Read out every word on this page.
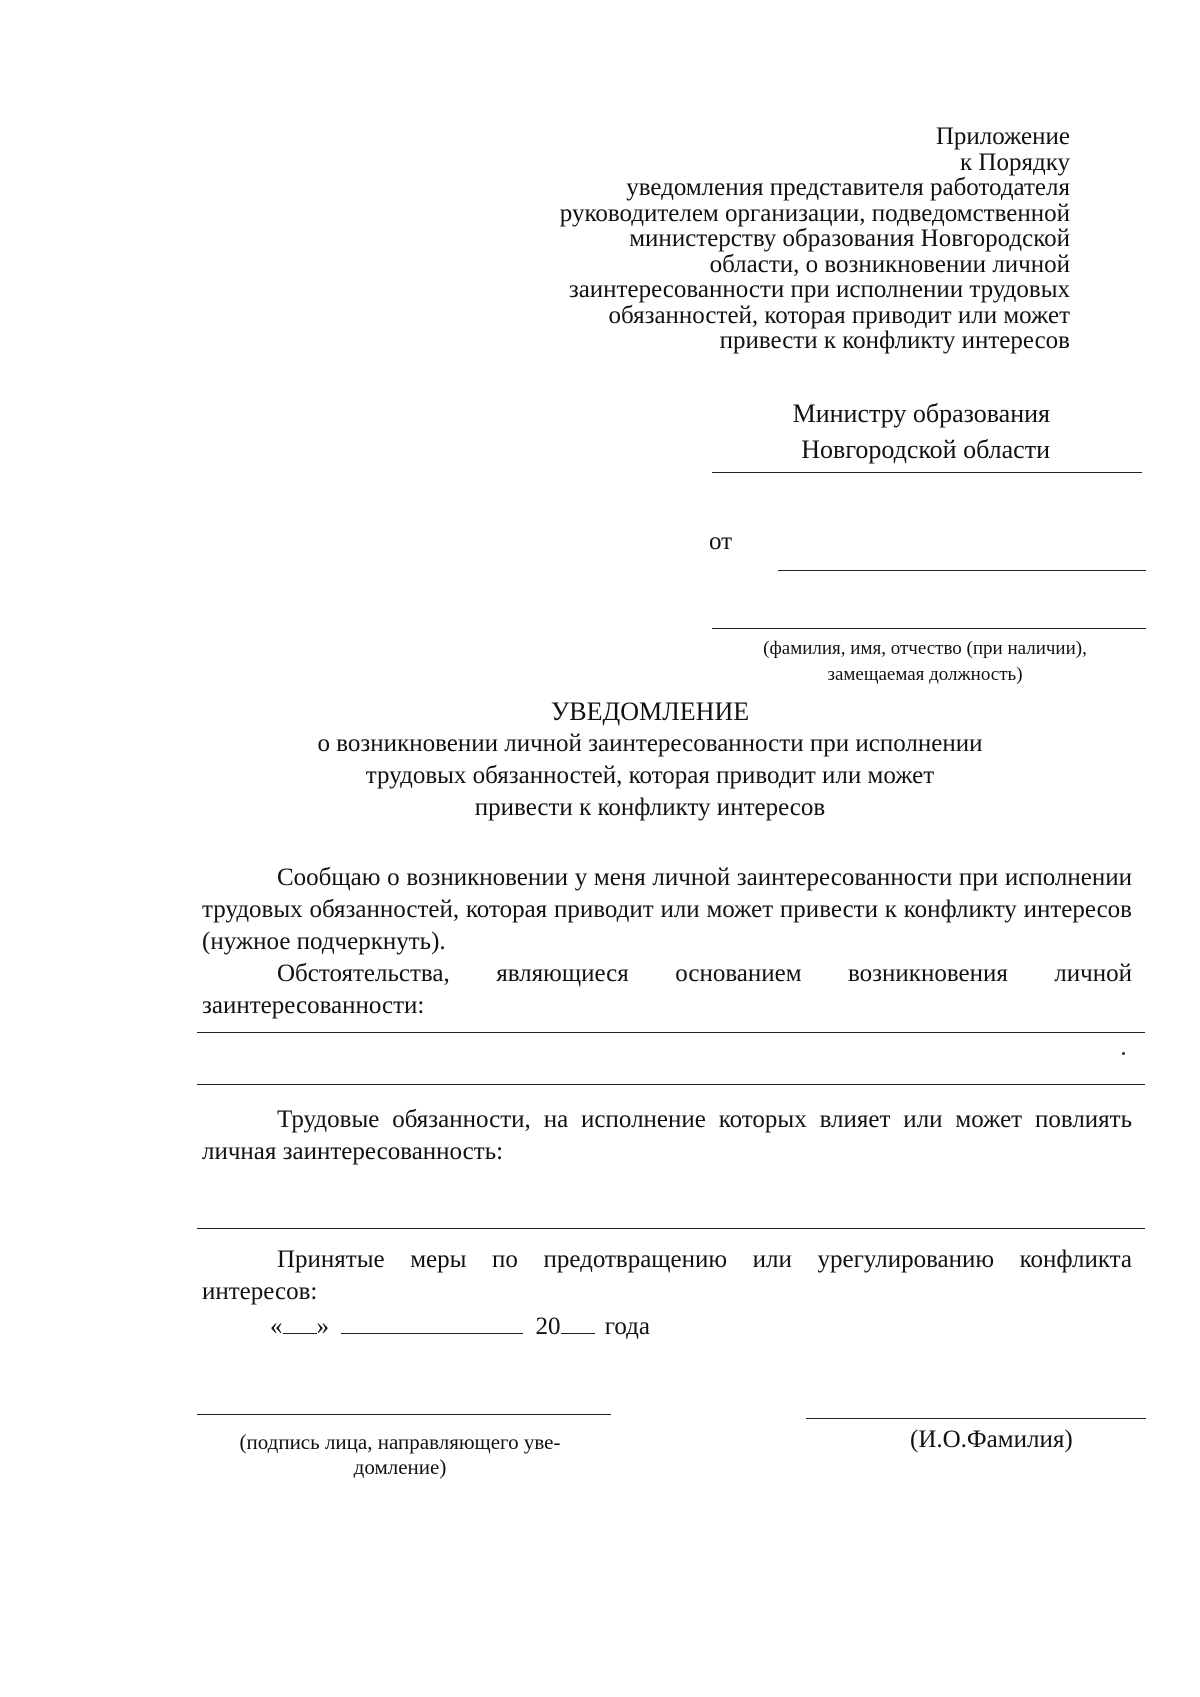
Приложение
к Порядку
уведомления представителя работодателя
руководителем организации, подведомственной
министерству образования Новгородской
области, о возникновении личной
заинтересованности при исполнении трудовых
обязанностей, которая приводит или может
привести к конфликту интересов
Министру образования
Новгородской области
от
(фамилия, имя, отчество (при наличии),
замещаемая должность)
УВЕДОМЛЕНИЕ
о возникновении личной заинтересованности при исполнении
трудовых обязанностей, которая приводит или может
привести к конфликту интересов
Сообщаю о возникновении у меня личной заинтересованности при исполнении трудовых обязанностей, которая приводит или может привести к конфликту интересов (нужное подчеркнуть).
Обстоятельства, являющиеся основанием возникновения личной заинтересованности:
Трудовые обязанности, на исполнение которых влияет или может повлиять личная заинтересованность:
Принятые меры по предотвращению или урегулированию конфликта интересов:
« »	20 года
(подпись лица, направляющего уве-
домление)
(И.О.Фамилия)
